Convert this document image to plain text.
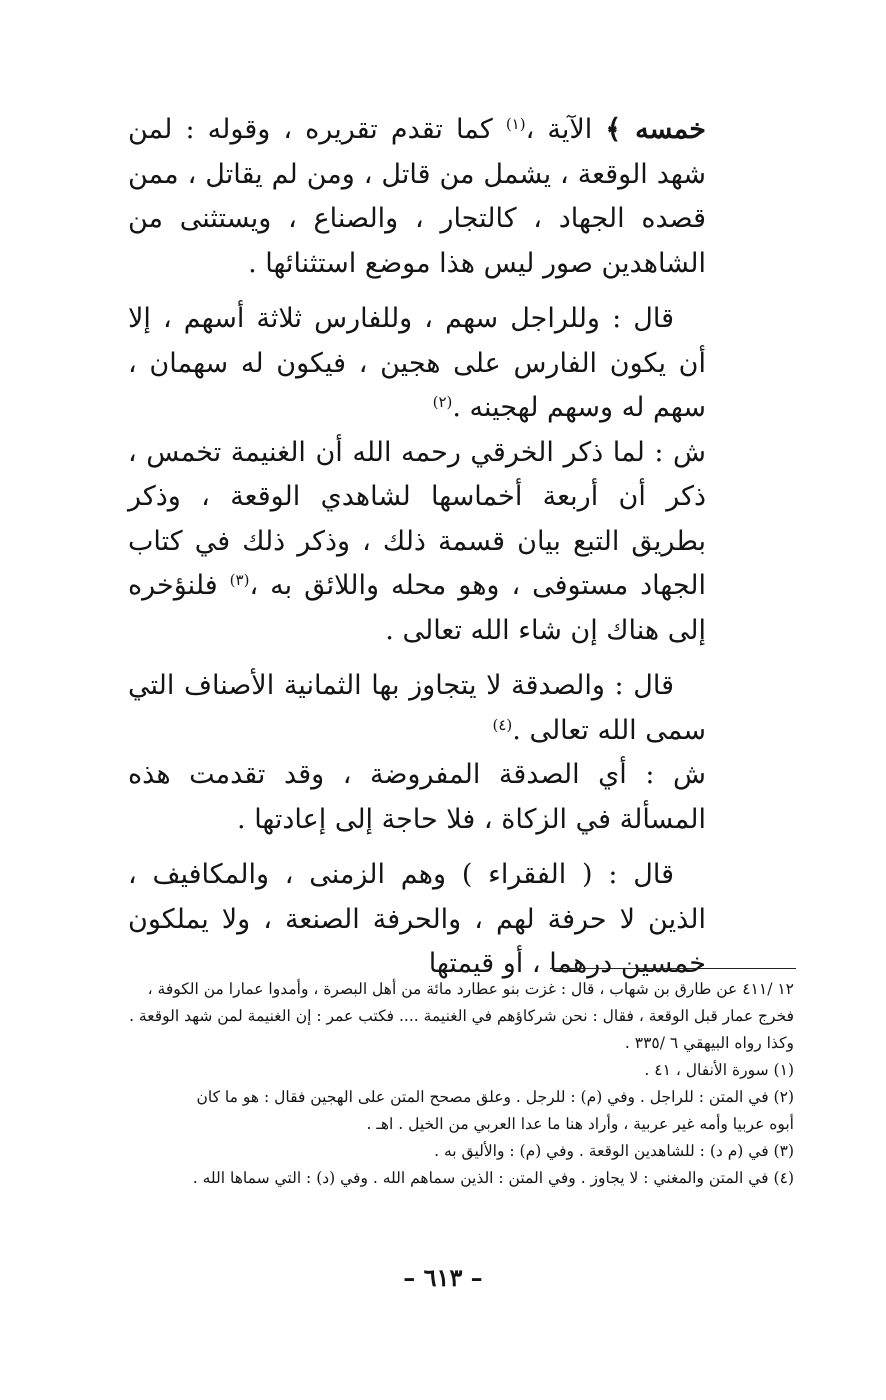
خمسه ﴾ الآية ،$^{(١)}$ كما تقدم تقريره ، وقوله : لمن شهد الوقعة ، يشمل من قاتل ، ومن لم يقاتل ، ممن قصده الجهاد ، كالتجار ، والصناع ، ويستثنى من الشاهدين صور ليس هذا موضع استثنائها .

قال : وللراجل سهم ، وللفارس ثلاثة أسهم ، إلا أن يكون الفارس على هجين ، فيكون له سهمان ، سهم له وسهم لهجينه .$^{(٢)}$

ش : لما ذكر الخرقي رحمه الله أن الغنيمة تخمس ، ذكر أن أربعة أخماسها لشاهدي الوقعة ، وذكر بطريق التبع بيان قسمة ذلك ، وذكر ذلك في كتاب الجهاد مستوفى ، وهو محله واللائق به ،$^{(٣)}$ فلنؤخره إلى هناك إن شاء الله تعالى .

قال : والصدقة لا يتجاوز بها الثمانية الأصناف التي سمى الله تعالى .$^{(٤)}$

ش : أي الصدقة المفروضة ، وقد تقدمت هذه المسألة في الزكاة ، فلا حاجة إلى إعادتها .

قال : ( الفقراء ) وهم الزمنى ، والمكافيف ، الذين لا حرفة لهم ، والحرفة الصنعة ، ولا يملكون خمسين درهما ، أو قيمتها

١٢ /٤١١ عن طارق بن شهاب ، قال : غزت بنو عطارد مائة من أهل البصرة ، وأمدوا عمارا من الكوفة ، فخرج عمار قبل الوقعة ، فقال : نحن شركاؤهم في الغنيمة .... فكتب عمر : إن الغنيمة لمن شهد الوقعة . وكذا رواه البيهقي ٦ /٣٣٥ .

(١) سورة الأنفال ، ٤١ .

(٢) في المتن : للراجل . وفي (م) : للرجل . وعلق مصحح المتن على الهجين فقال : هو ما كان

أبوه عربيا وأمه غير عربية ، وأراد هنا ما عدا العربي من الخيل . اهـ .

(٣) في (م د) : للشاهدين الوقعة . وفي (م) : والأليق به .

(٤) في المتن والمغني : لا يجاوز . وفي المتن : الذين سماهم الله . وفي (د) : التي سماها الله .

– ٦١٣ –
